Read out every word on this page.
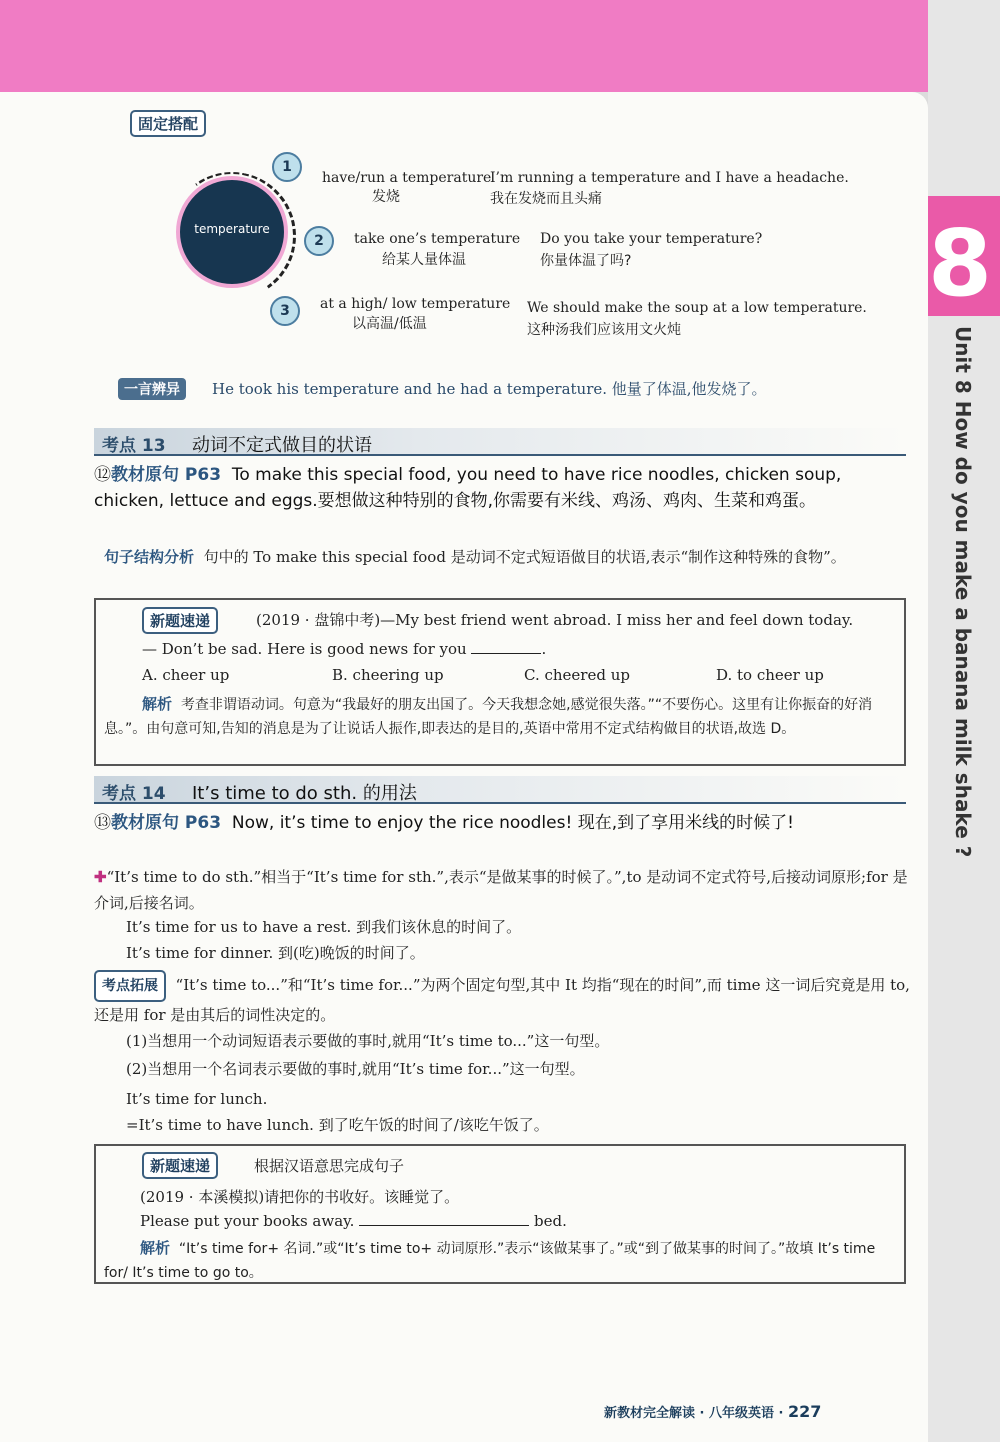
8
Unit 8 How do you make a banana milk shake ?
固定搭配
temperature
1
2
3
have/run a temperature
发烧
I’m running a temperature and I have a headache.
我在发烧而且头痛
take one’s temperature
给某人量体温
Do you take your temperature?
你量体温了吗?
at a high/ low temperature
以高温/低温
We should make the soup at a low temperature.
这种汤我们应该用文火炖
一言辨异	He took his temperature and he had a temperature. 他量了体温,他发烧了。
考点 13 动词不定式做目的状语
⑫教材原句 P63 To make this special food, you need to have rice noodles, chicken soup, chicken, lettuce and eggs.要想做这种特别的食物,你需要有米线、鸡汤、鸡肉、生菜和鸡蛋。
句子结构分析 句中的 To make this special food 是动词不定式短语做目的状语,表示“制作这种特殊的食物”。
新题速递	(2019 · 盘锦中考)—My best friend went abroad. I miss her and feel down today.
— Don’t be sad. Here is good news for you	.
A. cheer up	B. cheering up	C. cheered up	D. to cheer up
解析 考查非谓语动词。句意为“我最好的朋友出国了。今天我想念她,感觉很失落。”“不要伤心。这里有让你振奋的好消息。”。由句意可知,告知的消息是为了让说话人振作,即表达的是目的,英语中常用不定式结构做目的状语,故选 D。
考点 14 It’s time to do sth. 的用法
⑬教材原句 P63 Now, it’s time to enjoy the rice noodles! 现在,到了享用米线的时候了!
✚“It’s time to do sth.”相当于“It’s time for sth.”,表示“是做某事的时候了。”,to 是动词不定式符号,后接动词原形;for 是介词,后接名词。
It’s time for us to have a rest. 到我们该休息的时间了。
It’s time for dinner. 到(吃)晚饭的时间了。
考点拓展 “It’s time to...”和“It’s time for...”为两个固定句型,其中 It 均指“现在的时间”,而 time 这一词后究竟是用 to,还是用 for 是由其后的词性决定的。
(1)当想用一个动词短语表示要做的事时,就用“It’s time to...”这一句型。
(2)当想用一个名词表示要做的事时,就用“It’s time for...”这一句型。
It’s time for lunch.
=It’s time to have lunch. 到了吃午饭的时间了/该吃午饭了。
新题速递	根据汉语意思完成句子
(2019 · 本溪模拟)请把你的书收好。该睡觉了。
Please put your books away.	bed.
解析 “It’s time for+ 名词.”或“It’s time to+ 动词原形.”表示“该做某事了。”或“到了做某事的时间了。”故填 It’s time for/ It’s time to go to。
新教材完全解读 · 八年级英语 · 227
